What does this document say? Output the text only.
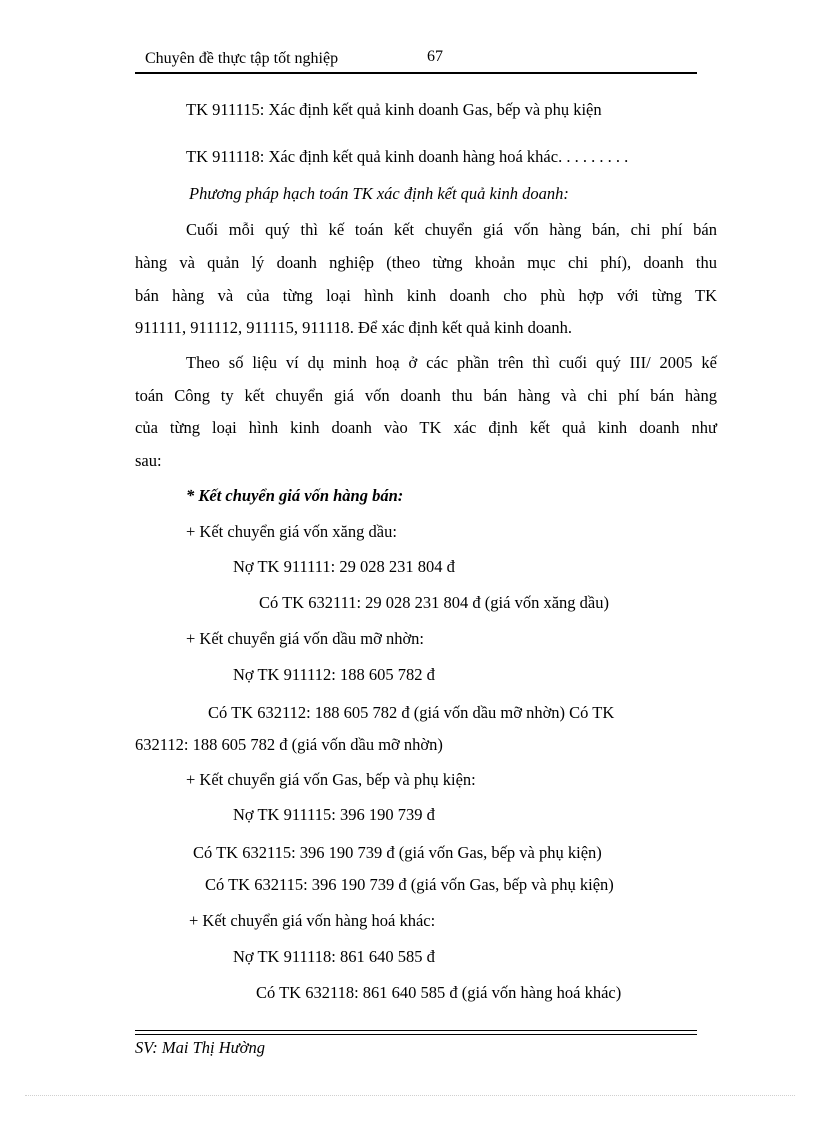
Chuyên đề thực tập tốt nghiệp	67
TK 911115: Xác định kết quả kinh doanh Gas, bếp và phụ kiện
TK 911118: Xác định kết quả kinh doanh hàng hoá khác. . . . . . . . .
Phương pháp hạch toán TK xác định kết quả kinh doanh:
Cuối mỗi quý thì kế toán kết chuyển giá vốn hàng bán, chi phí bán
hàng và quản lý doanh nghiệp (theo từng khoản mục chi phí), doanh thu
bán hàng và của từng loại hình kinh doanh cho phù hợp với từng TK
911111, 911112, 911115, 911118. Để xác định kết quả kinh doanh.
Theo số liệu ví dụ minh hoạ ở các phần trên thì cuối quý III/ 2005 kế
toán Công ty kết chuyển giá vốn doanh thu bán hàng và chi phí bán hàng
của từng loại hình kinh doanh vào TK xác định kết quả kinh doanh như
sau:
* Kết chuyển giá vốn hàng bán:
+ Kết chuyển giá vốn xăng dầu:
Nợ TK 911111: 29 028 231 804 đ
Có TK 632111: 29 028 231 804 đ (giá vốn xăng dầu)
+ Kết chuyển giá vốn dầu mỡ nhờn:
Nợ TK 911112: 188 605 782 đ
Có TK 632112: 188 605 782 đ (giá vốn dầu mỡ nhờn) Có TK
632112: 188 605 782 đ (giá vốn dầu mỡ nhờn)
+ Kết chuyển giá vốn Gas, bếp và phụ kiện:
Nợ TK 911115: 396 190 739 đ
Có TK 632115: 396 190 739 đ (giá vốn Gas, bếp và phụ kiện)
Có TK 632115: 396 190 739 đ (giá vốn Gas, bếp và phụ kiện)
+ Kết chuyển giá vốn hàng hoá khác:
Nợ TK 911118: 861 640 585 đ
Có TK 632118: 861 640 585 đ (giá vốn hàng hoá khác)
SV: Mai Thị Hường
